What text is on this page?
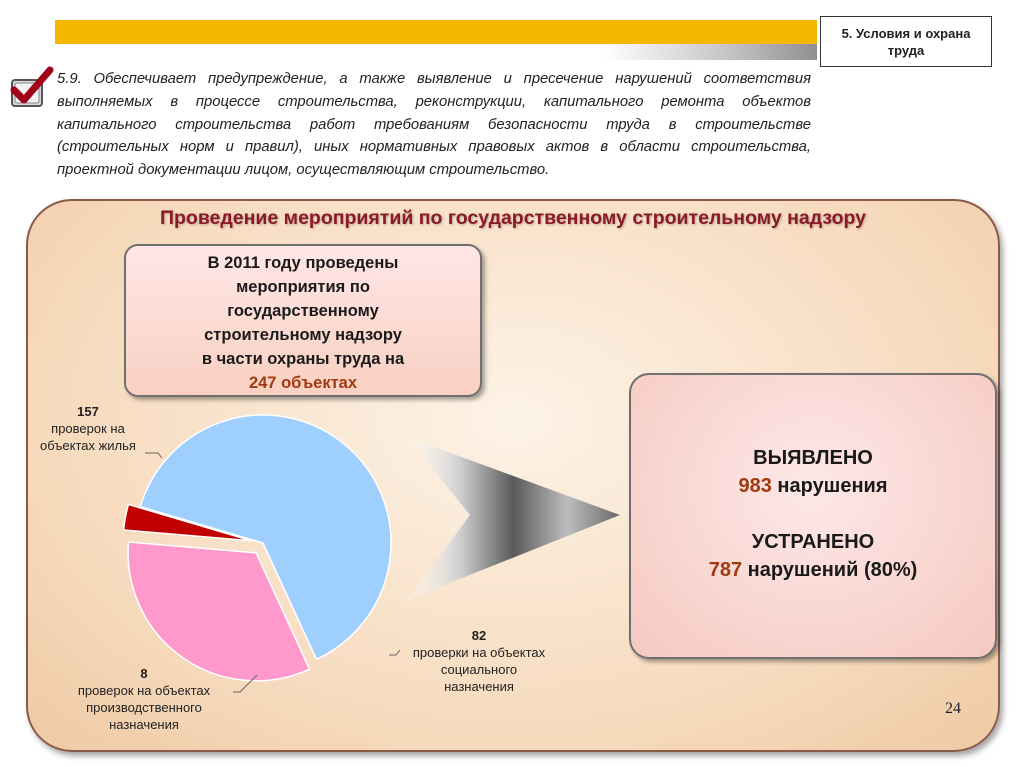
5. Условия и охрана труда

5.9. Обеспечивает предупреждение, а также выявление и пресечение нарушений соответствия выполняемых в процессе строительства, реконструкции, капитального ремонта объектов капитального строительства работ требованиям безопасности труда в строительстве (строительных норм и правил), иных нормативных правовых актов в области строительства, проектной документации лицом, осуществляющим строительство.

Проведение мероприятий по государственному строительному надзору
В 2011 году проведены
мероприятия по
государственному
строительному надзору
в части охраны труда на
247 объектах
157
проверок на
объектах жилья
82
проверки на объектах
социального
назначения
8
проверок на объектах
производственного
назначения
ВЫЯВЛЕНО
983 нарушения
УСТРАНЕНО
787 нарушений (80%)
24
